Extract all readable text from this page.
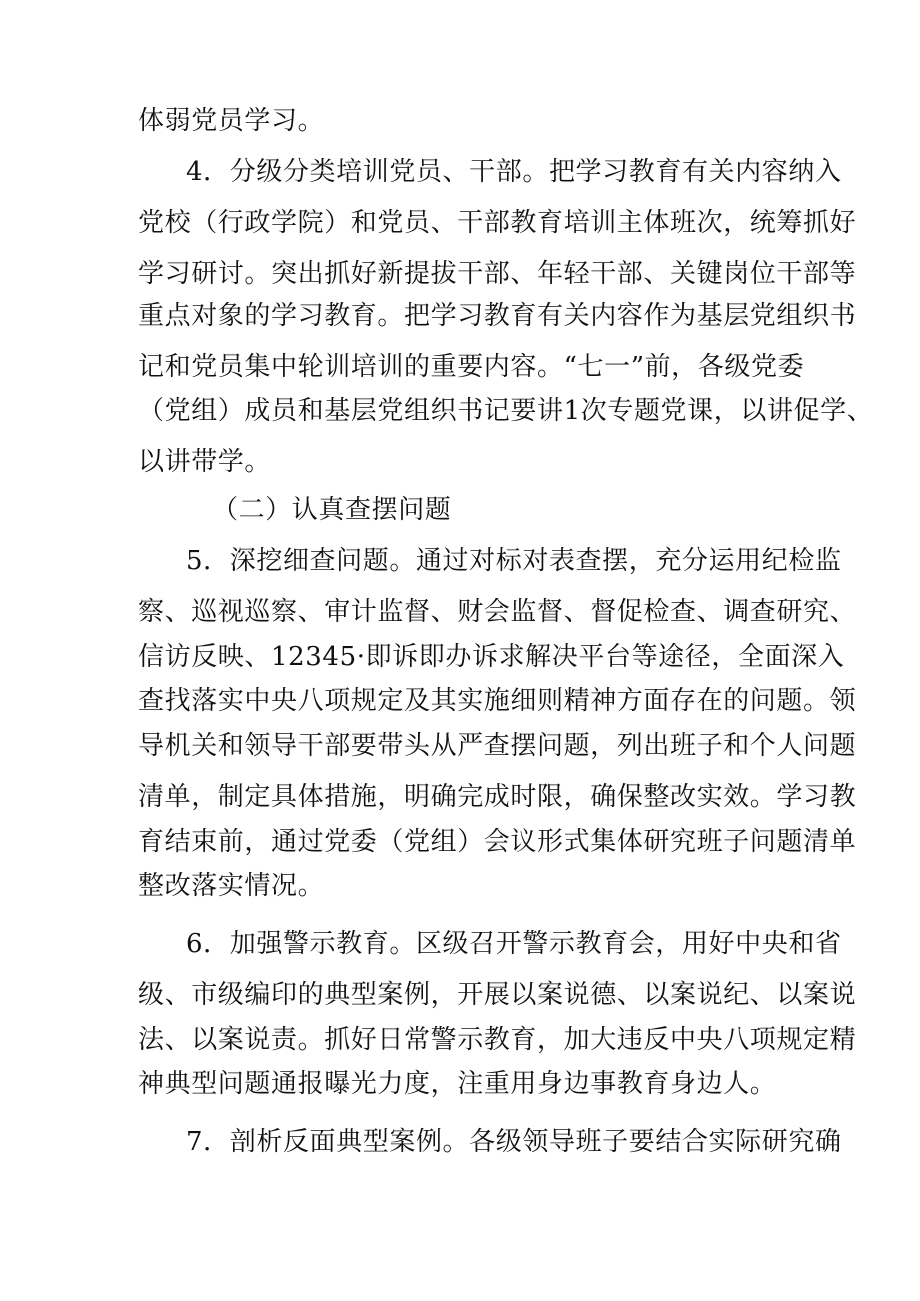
体弱党员学习。
4．分级分类培训党员、干部。把学习教育有关内容纳入
党校（行政学院）和党员、干部教育培训主体班次，统筹抓好
学习研讨。突出抓好新提拔干部、年轻干部、关键岗位干部等
重点对象的学习教育。把学习教育有关内容作为基层党组织书
记和党员集中轮训培训的重要内容。“七一”前，各级党委
（党组）成员和基层党组织书记要讲1次专题党课，以讲促学、
以讲带学。
（二）认真查摆问题
5．深挖细查问题。通过对标对表查摆，充分运用纪检监
察、巡视巡察、审计监督、财会监督、督促检查、调查研究、
信访反映、12345·即诉即办诉求解决平台等途径，全面深入
查找落实中央八项规定及其实施细则精神方面存在的问题。领
导机关和领导干部要带头从严查摆问题，列出班子和个人问题
清单，制定具体措施，明确完成时限，确保整改实效。学习教
育结束前，通过党委（党组）会议形式集体研究班子问题清单
整改落实情况。
6．加强警示教育。区级召开警示教育会，用好中央和省
级、市级编印的典型案例，开展以案说德、以案说纪、以案说
法、以案说责。抓好日常警示教育，加大违反中央八项规定精
神典型问题通报曝光力度，注重用身边事教育身边人。
7．剖析反面典型案例。各级领导班子要结合实际研究确
